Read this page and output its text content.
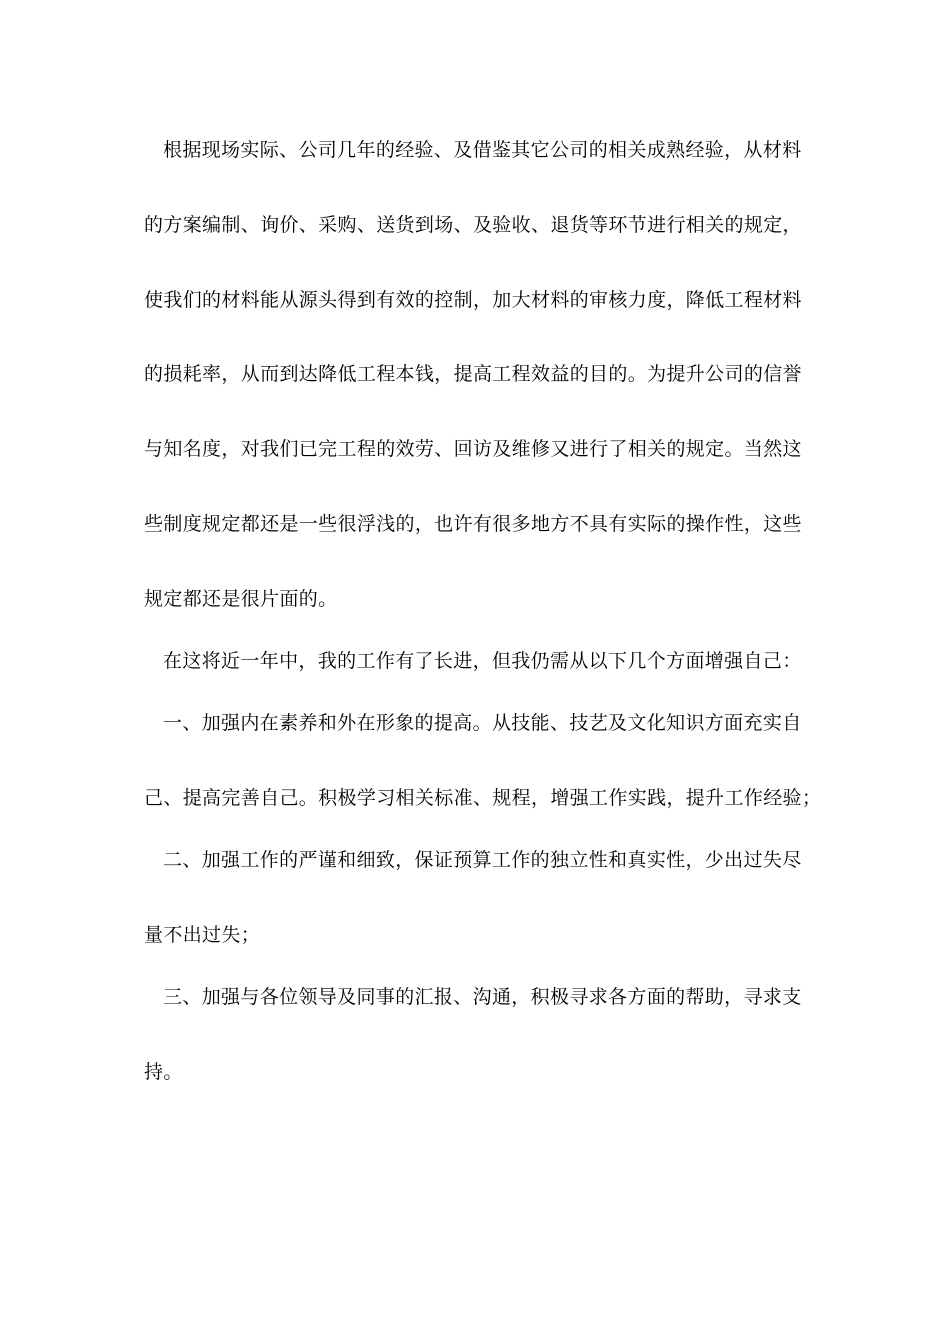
根据现场实际、公司几年的经验、及借鉴其它公司的相关成熟经验，从材料
的方案编制、询价、采购、送货到场、及验收、退货等环节进行相关的规定，
使我们的材料能从源头得到有效的控制，加大材料的审核力度，降低工程材料
的损耗率，从而到达降低工程本钱，提高工程效益的目的。为提升公司的信誉
与知名度，对我们已完工程的效劳、回访及维修又进行了相关的规定。当然这
些制度规定都还是一些很浮浅的，也许有很多地方不具有实际的操作性，这些
规定都还是很片面的。
在这将近一年中，我的工作有了长进，但我仍需从以下几个方面增强自己：
一、加强内在素养和外在形象的提高。从技能、技艺及文化知识方面充实自
己、提高完善自己。积极学习相关标准、规程，增强工作实践，提升工作经验；
二、加强工作的严谨和细致，保证预算工作的独立性和真实性，少出过失尽
量不出过失；
三、加强与各位领导及同事的汇报、沟通，积极寻求各方面的帮助，寻求支
持。
